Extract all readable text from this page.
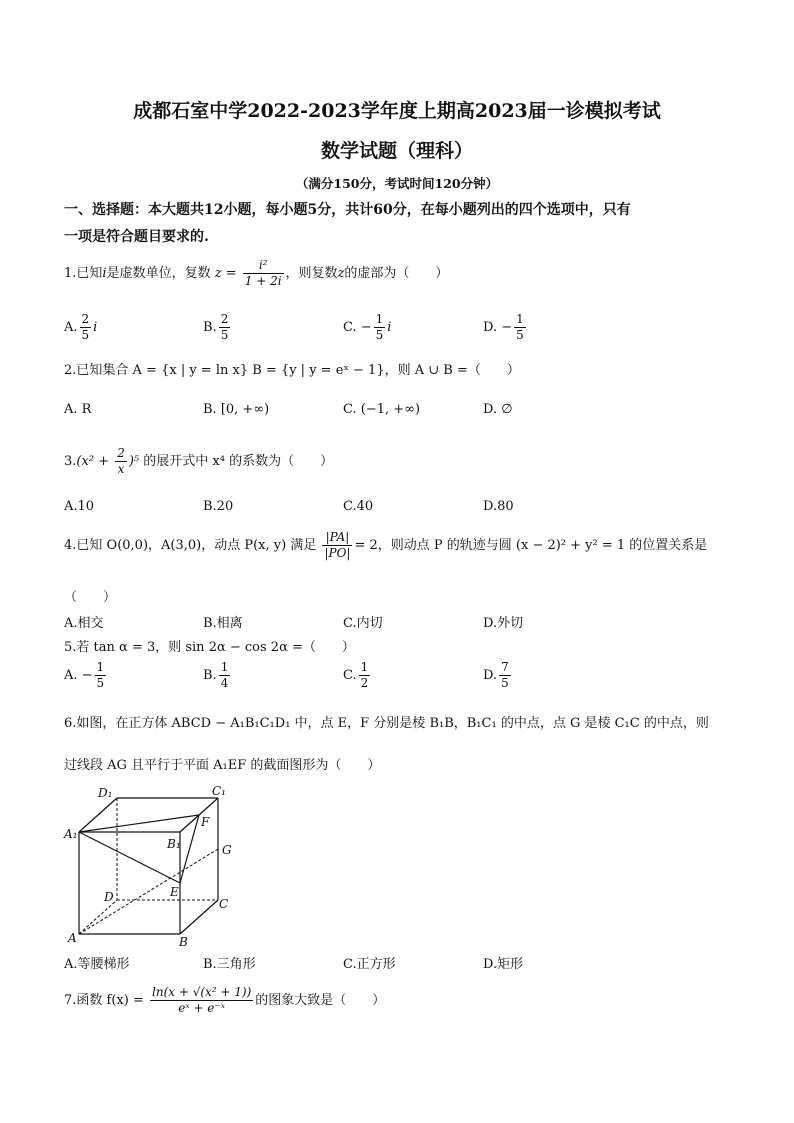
成都石室中学2022-2023学年度上期高2023届一诊模拟考试
数学试题（理科）
（满分150分，考试时间120分钟）
一、选择题：本大题共12小题，每小题5分，共计60分，在每小题列出的四个选项中，只有
一项是符合题目要求的.
1.已知i是虚数单位，复数 $z = \frac{\text{i²}}{1 + 2i}$ ，则复数z的虚部为（　　）
A. $\frac{2}{5}$ i	B. $\frac{2}{5}$	C. − $\frac{1}{5}$ i	D. − $\frac{1}{5}$
2.已知集合 A = {x | y = ln x} B = {y | y = eˣ − 1}，则 A ∪ B =（　　）
A. R	B. [0, +∞)	C. (−1, +∞)	D. ∅
$3.(x^2 + \frac{2}{x} )^5$ 的展开式中 x⁴ 的系数为（　　）
A.10	B.20	C.40	D.80
4.已知 O(0,0)，A(3,0)，动点 P(x, y) 满足 $\frac{|PA|}{|PO|} = 2$，则动点 P 的轨迹与圆 (x − 2)² + y² = 1 的位置关系是
（　　）
A.相交	B.相离	C.内切	D.外切
5.若 tan α = 3，则 sin 2α − cos 2α =（　　）
A. − $\frac{1}{5}$	B. $\frac{1}{4}$	C. $\frac{1}{2}$	D. $\frac{7}{5}$
6.如图，在正方体 ABCD − A₁B₁C₁D₁ 中，点 E，F 分别是棱 B₁B，B₁C₁ 的中点，点 G 是棱 C₁C 的中点，则
过线段 AG 且平行于平面 A₁EF 的截面图形为（　　）
D₁	C₁
A₁
B₁
F
G
D	E
C
A	B
A.等腰梯形	B.三角形	C.正方形	D.矩形
7.函数 $f(x) = \frac{\text{ln(x + √(x² + 1))}}{\text{eˣ + e⁻ˣ}}$ 的图象大致是（　　）
